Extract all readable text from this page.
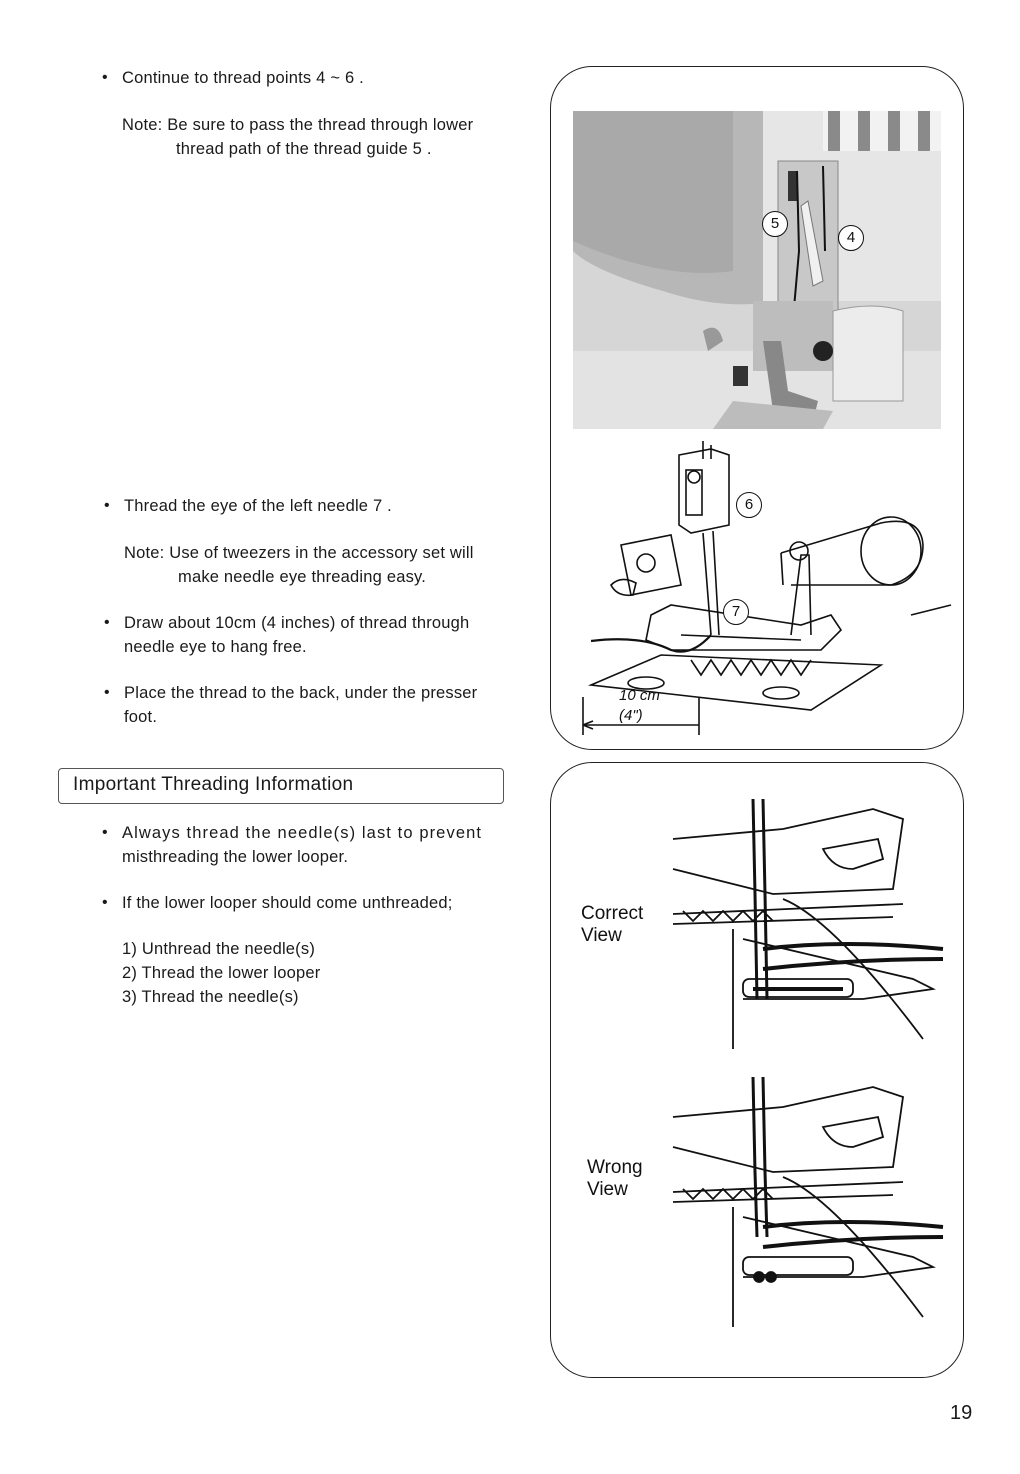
• Continue to thread points 4 ~ 6 .
Note: Be sure to pass the thread through lower
thread path of the thread guide 5 .
• Thread the eye of the left needle 7 .
Note: Use of tweezers in the accessory set will
make needle eye threading easy.
• Draw about 10cm (4 inches) of thread through
needle eye to hang free.
• Place the thread to the back, under the presser
foot.
Important Threading Information
• Always thread the needle(s) last to prevent
misthreading the lower looper.
• If the lower looper should come unthreaded;
1) Unthread the needle(s)
2) Thread the lower looper
3) Thread the needle(s)
5
4
6
7
10 cm
(4")
Correct
View
Wrong
View
19
